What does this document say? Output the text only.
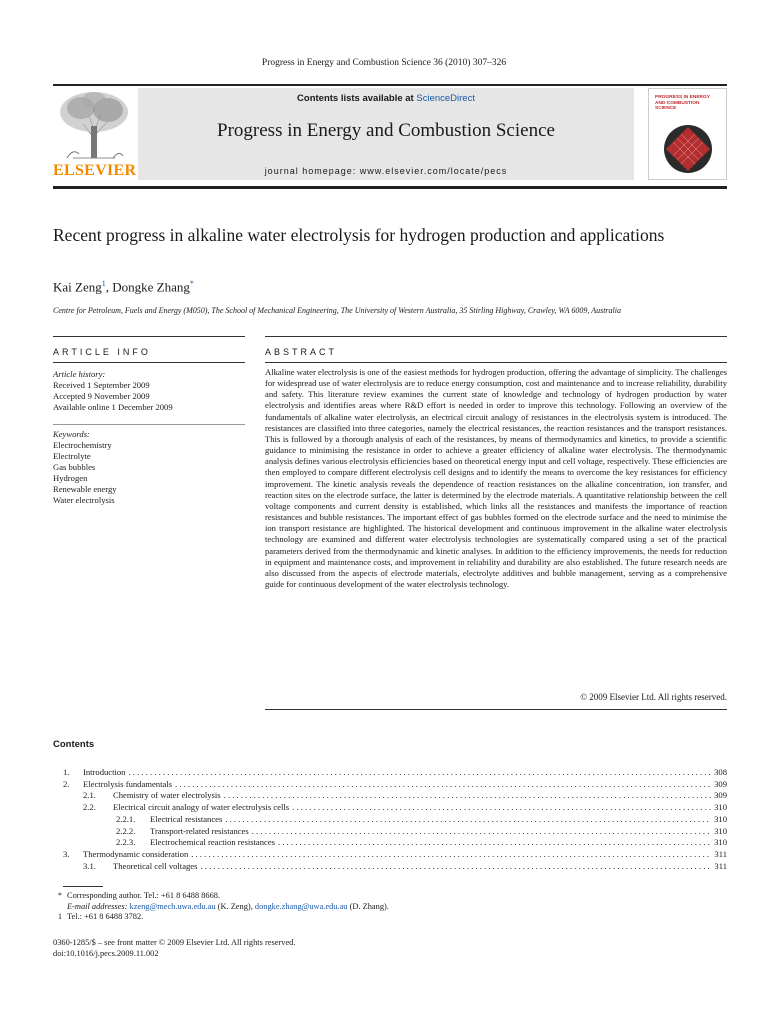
Progress in Energy and Combustion Science 36 (2010) 307–326
ELSEVIER
Contents lists available at ScienceDirect
Progress in Energy and Combustion Science
journal homepage: www.elsevier.com/locate/pecs
PROGRESS IN ENERGY AND COMBUSTION SCIENCE
Recent progress in alkaline water electrolysis for hydrogen production and applications
Kai Zeng$^1$, Dongke Zhang*
Centre for Petroleum, Fuels and Energy (M050), The School of Mechanical Engineering, The University of Western Australia, 35 Stirling Highway, Crawley, WA 6009, Australia
ARTICLE INFO	ABSTRACT
Article history:
Received 1 September 2009
Accepted 9 November 2009
Available online 1 December 2009
Keywords:
Electrochemistry
Electrolyte
Gas bubbles
Hydrogen
Renewable energy
Water electrolysis
Alkaline water electrolysis is one of the easiest methods for hydrogen production, offering the advantage of simplicity. The challenges for widespread use of water electrolysis are to reduce energy consumption, cost and maintenance and to increase reliability, durability and safety. This literature review examines the current state of knowledge and technology of hydrogen production by water electrolysis and identifies areas where R&D effort is needed in order to improve this technology. Following an overview of the fundamentals of alkaline water electrolysis, an electrical circuit analogy of resistances in the electrolysis system is introduced. The resistances are classified into three categories, namely the electrical resistances, the reaction resistances and the transport resistances. This is followed by a thorough analysis of each of the resistances, by means of thermodynamics and kinetics, to provide a scientific guidance to minimising the resistance in order to achieve a greater efficiency of alkaline water electrolysis. The thermodynamic analysis defines various electrolysis efficiencies based on theoretical energy input and cell voltage, respectively. These efficiencies are then employed to compare different electrolysis cell designs and to identify the means to overcome the key resistances for efficiency improvement. The kinetic analysis reveals the dependence of reaction resistances on the alkaline concentration, ion transfer, and reaction sites on the electrode surface, the latter is determined by the electrode materials. A quantitative relationship between the cell voltage components and current density is established, which links all the resistances and manifests the importance of reaction resistances and bubble resistances. The important effect of gas bubbles formed on the electrode surface and the need to minimise the ion transport resistance are highlighted. The historical development and continuous improvement in the alkaline water electrolysis technology are examined and different water electrolysis technologies are systematically compared using a set of the practical parameters derived from the thermodynamic and kinetic analyses. In addition to the efficiency improvements, the needs for reduction in equipment and maintenance costs, and improvement in reliability and durability are also established. The future research needs are also discussed from the aspects of electrode materials, electrolyte additives and bubble management, serving as a comprehensive guide for continuous development of the water electrolysis technology.
© 2009 Elsevier Ltd. All rights reserved.
Contents
1.	Introduction . . .	308
2.	Electrolysis fundamentals . . .	309
2.1.	Chemistry of water electrolysis . . .	309
2.2.	Electrical circuit analogy of water electrolysis cells . . .	310
2.2.1.	Electrical resistances . . .	310
2.2.2.	Transport-related resistances . . .	310
2.2.3.	Electrochemical reaction resistances . . .	310
3.	Thermodynamic consideration . . .	311
3.1.	Theoretical cell voltages . . .	311
* Corresponding author. Tel.: +61 8 6488 8668.
E-mail addresses: kzeng@mech.uwa.edu.au (K. Zeng), dongke.zhang@uwa.edu.au (D. Zhang).
1 Tel.: +61 8 6488 3782.
0360-1285/$ – see front matter © 2009 Elsevier Ltd. All rights reserved.
doi:10.1016/j.pecs.2009.11.002
